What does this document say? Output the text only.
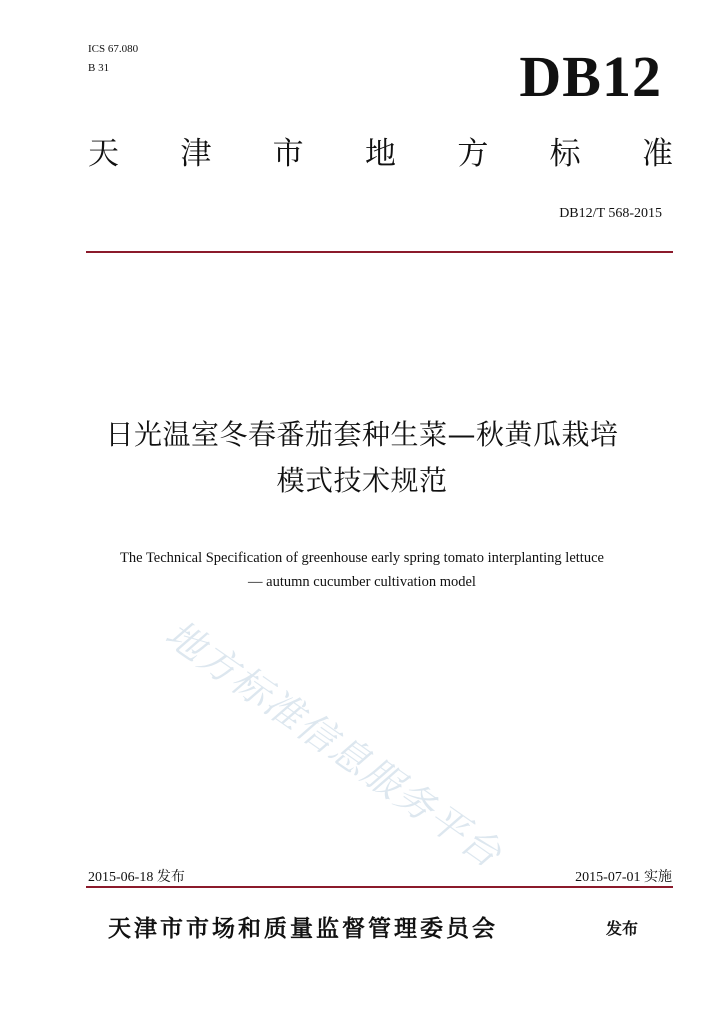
ICS 67.080
B 31	DB12
天 津 市 地 方 标 准
DB12/T 568-2015
地方标准信息服务平台
日光温室冬春番茄套种生菜—秋黄瓜栽培
模式技术规范
The Technical Specification of greenhouse early spring tomato interplanting lettuce
— autumn cucumber cultivation model
2015-06-18 发布	2015-07-01 实施
天津市市场和质量监督管理委员会	发布
